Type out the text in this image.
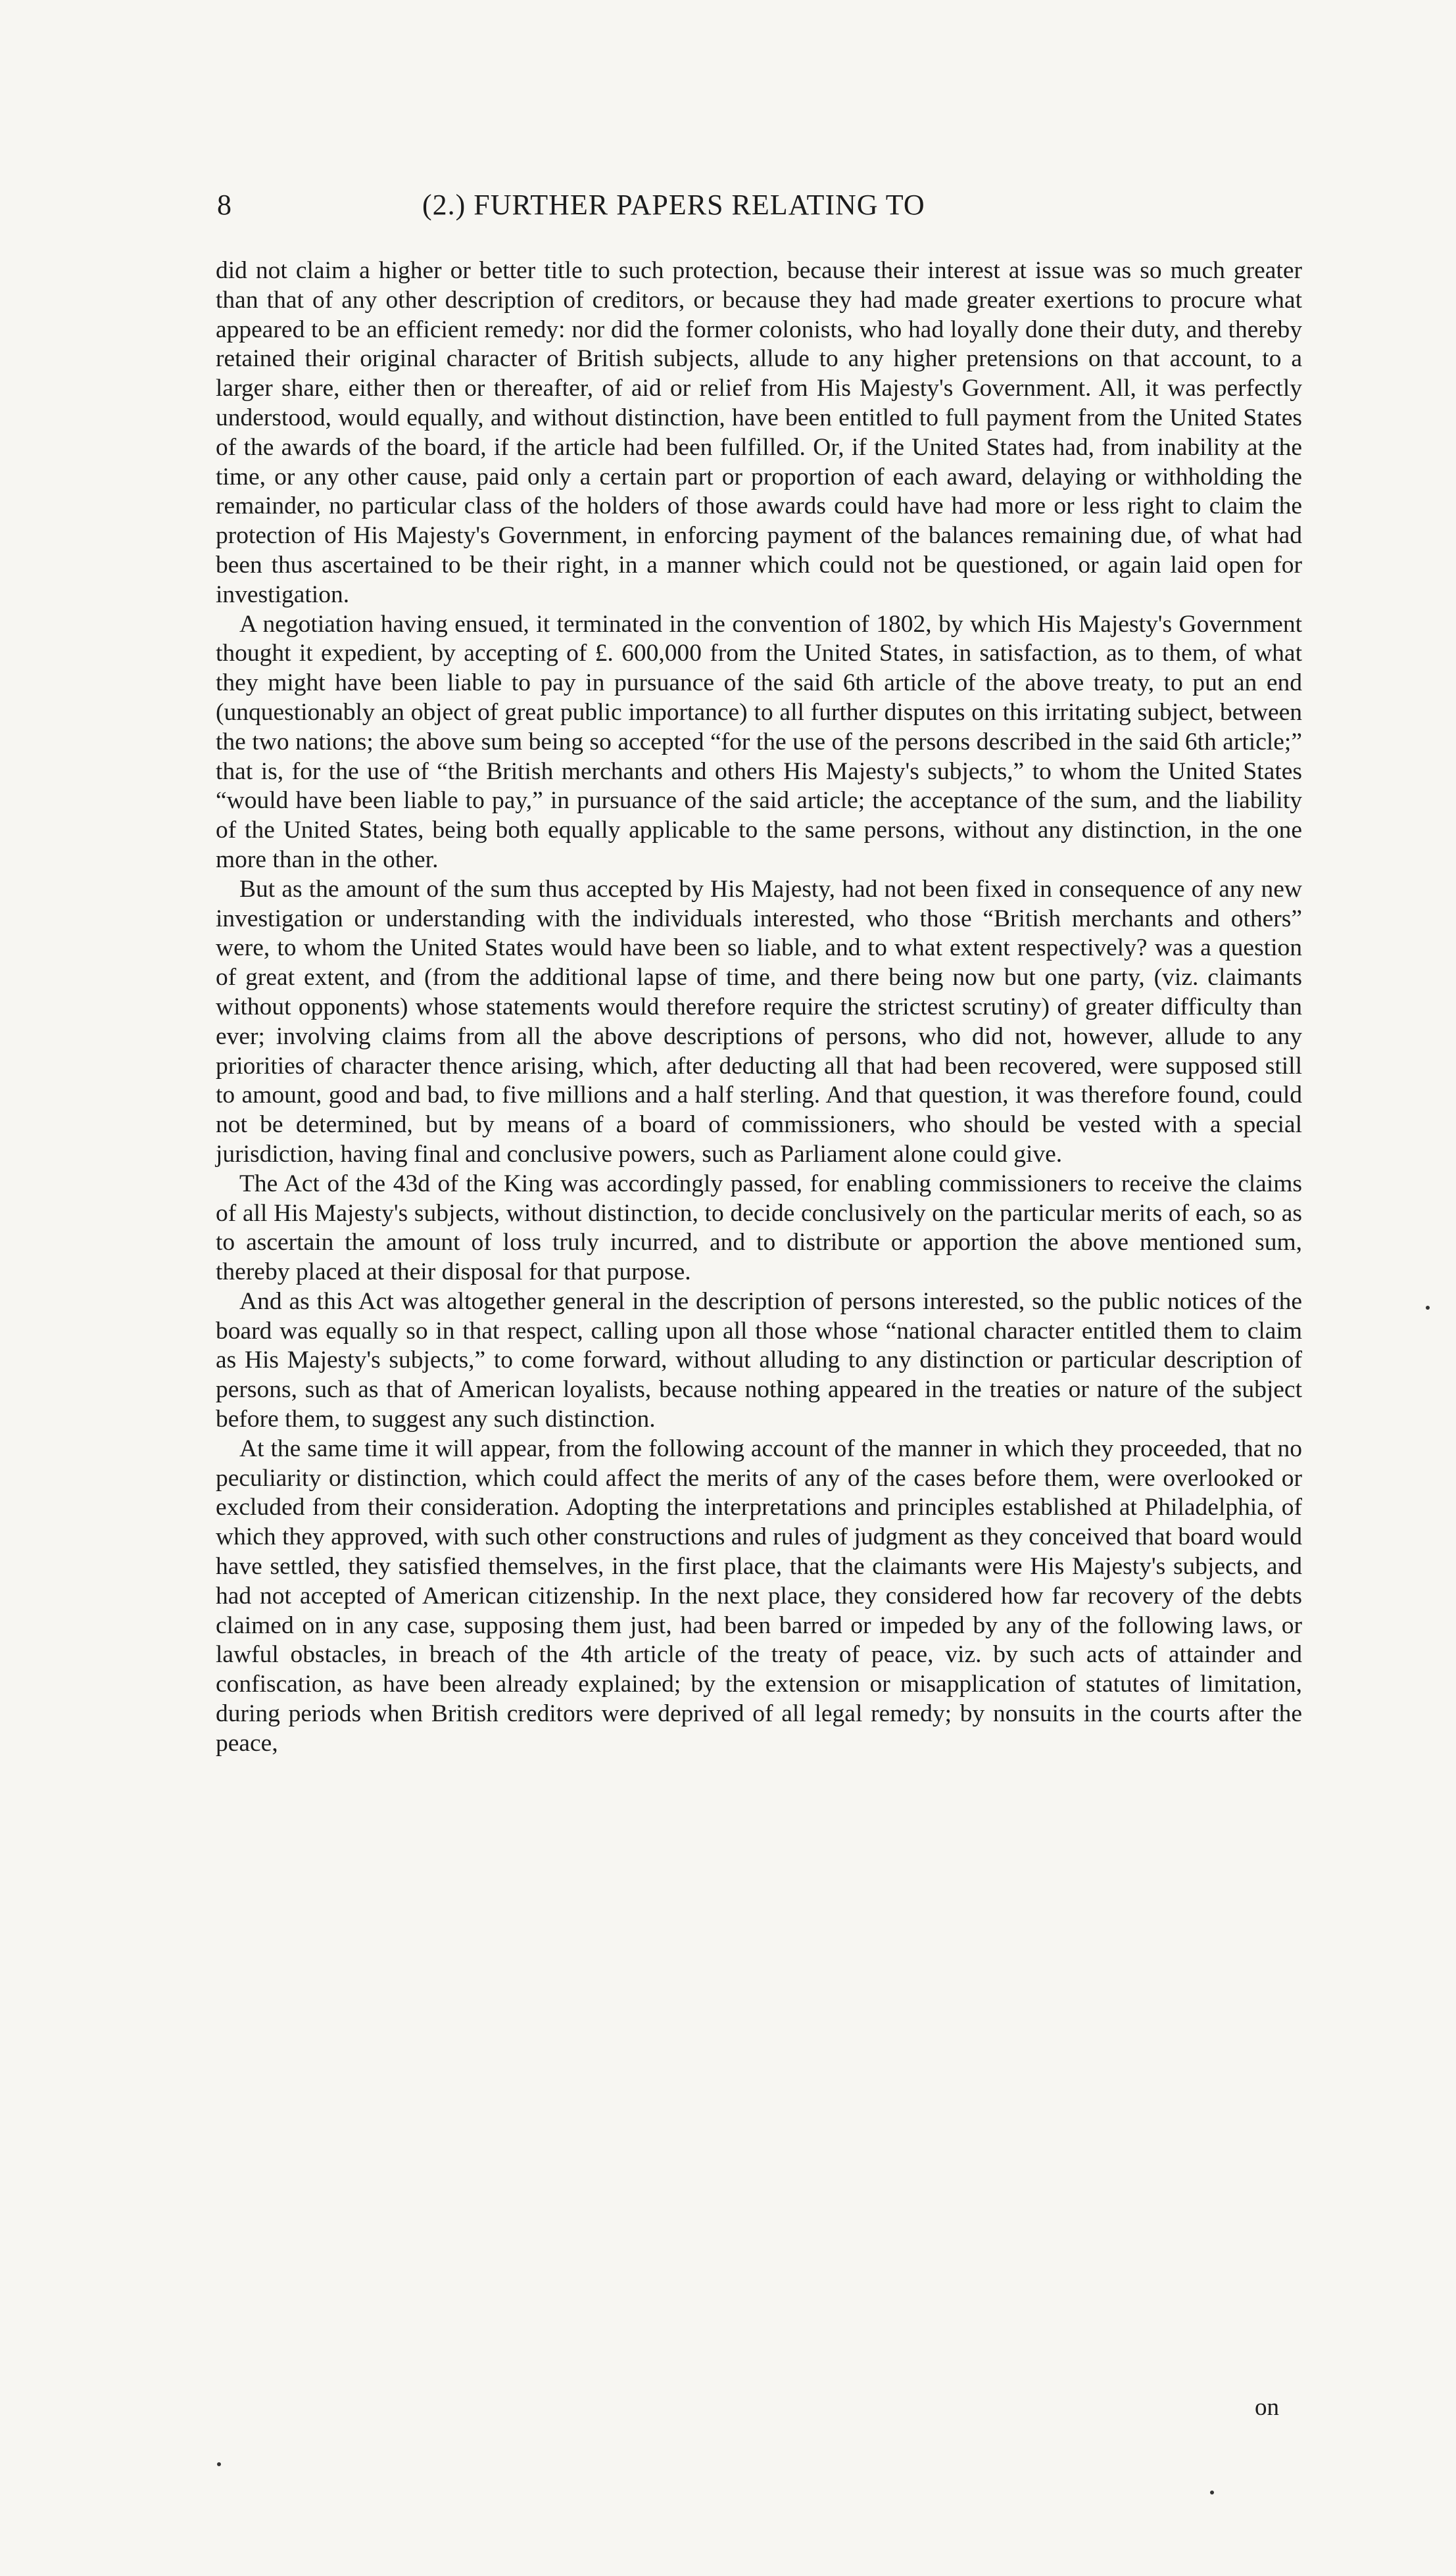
8	(2.) FURTHER PAPERS RELATING TO

did not claim a higher or better title to such protection, because their interest at issue was so much greater than that of any other description of creditors, or because they had made greater exertions to procure what appeared to be an efficient remedy: nor did the former colonists, who had loyally done their duty, and thereby retained their original character of British subjects, allude to any higher pretensions on that account, to a larger share, either then or thereafter, of aid or relief from His Majesty's Government. All, it was perfectly understood, would equally, and without distinction, have been entitled to full payment from the United States of the awards of the board, if the article had been fulfilled. Or, if the United States had, from inability at the time, or any other cause, paid only a certain part or proportion of each award, delaying or withholding the remainder, no particular class of the holders of those awards could have had more or less right to claim the protection of His Majesty's Government, in enforcing payment of the balances remaining due, of what had been thus ascertained to be their right, in a manner which could not be questioned, or again laid open for investigation.

A negotiation having ensued, it terminated in the convention of 1802, by which His Majesty's Government thought it expedient, by accepting of £. 600,000 from the United States, in satisfaction, as to them, of what they might have been liable to pay in pursuance of the said 6th article of the above treaty, to put an end (unquestionably an object of great public importance) to all further disputes on this irritating subject, between the two nations; the above sum being so accepted “for the use of the persons described in the said 6th article;” that is, for the use of “the British merchants and others His Majesty's subjects,” to whom the United States “would have been liable to pay,” in pursuance of the said article; the acceptance of the sum, and the liability of the United States, being both equally applicable to the same persons, without any distinction, in the one more than in the other.

But as the amount of the sum thus accepted by His Majesty, had not been fixed in consequence of any new investigation or understanding with the individuals interested, who those “British merchants and others” were, to whom the United States would have been so liable, and to what extent respectively? was a question of great extent, and (from the additional lapse of time, and there being now but one party, (viz. claimants without opponents) whose statements would therefore require the strictest scrutiny) of greater difficulty than ever; involving claims from all the above descriptions of persons, who did not, however, allude to any priorities of character thence arising, which, after deducting all that had been recovered, were supposed still to amount, good and bad, to five millions and a half sterling. And that question, it was therefore found, could not be determined, but by means of a board of commissioners, who should be vested with a special jurisdiction, having final and conclusive powers, such as Parliament alone could give.

The Act of the 43d of the King was accordingly passed, for enabling commissioners to receive the claims of all His Majesty's subjects, without distinction, to decide conclusively on the particular merits of each, so as to ascertain the amount of loss truly incurred, and to distribute or apportion the above mentioned sum, thereby placed at their disposal for that purpose.

And as this Act was altogether general in the description of persons interested, so the public notices of the board was equally so in that respect, calling upon all those whose “national character entitled them to claim as His Majesty's subjects,” to come forward, without alluding to any distinction or particular description of persons, such as that of American loyalists, because nothing appeared in the treaties or nature of the subject before them, to suggest any such distinction.

At the same time it will appear, from the following account of the manner in which they proceeded, that no peculiarity or distinction, which could affect the merits of any of the cases before them, were overlooked or excluded from their consideration. Adopting the interpretations and principles established at Philadelphia, of which they approved, with such other constructions and rules of judgment as they conceived that board would have settled, they satisfied themselves, in the first place, that the claimants were His Majesty's subjects, and had not accepted of American citizenship. In the next place, they considered how far recovery of the debts claimed on in any case, supposing them just, had been barred or impeded by any of the following laws, or lawful obstacles, in breach of the 4th article of the treaty of peace, viz. by such acts of attainder and confiscation, as have been already explained; by the extension or misapplication of statutes of limitation, during periods when British creditors were deprived of all legal remedy; by nonsuits in the courts after the peace,

on
